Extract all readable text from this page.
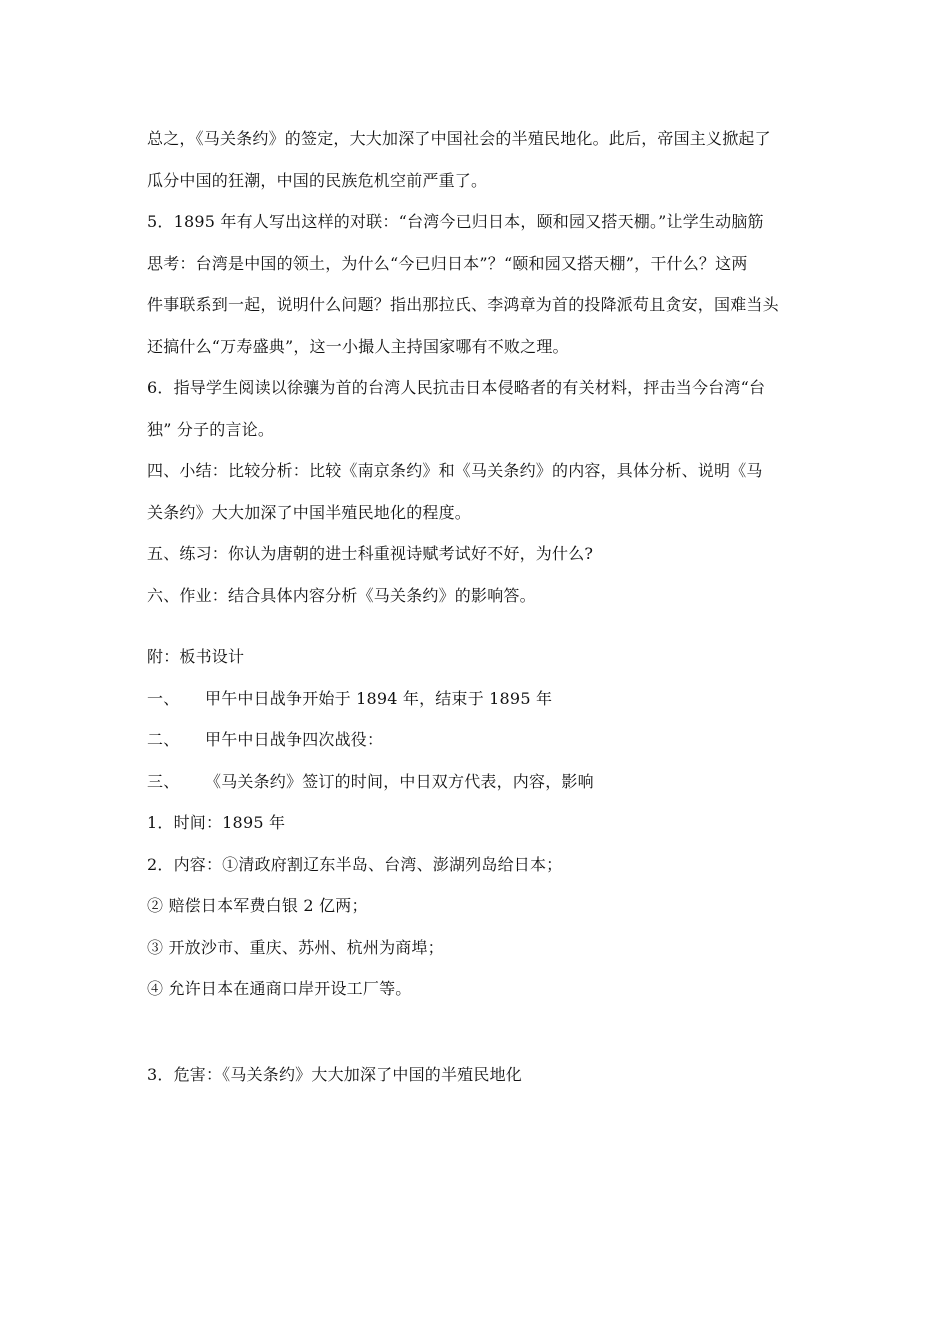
总之，《马关条约》的签定，大大加深了中国社会的半殖民地化。此后，帝国主义掀起了
瓜分中国的狂潮，中国的民族危机空前严重了。
5．1895 年有人写出这样的对联：“台湾今已归日本，颐和园又搭天棚。”让学生动脑筋
思考：台湾是中国的领土，为什么“今已归日本”？“颐和园又搭天棚”，干什么？这两
件事联系到一起，说明什么问题？指出那拉氏、李鸿章为首的投降派苟且贪安，国难当头
还搞什么“万寿盛典”，这一小撮人主持国家哪有不败之理。
6．指导学生阅读以徐骧为首的台湾人民抗击日本侵略者的有关材料，抨击当今台湾“台
独” 分子的言论。
四、小结：比较分析：比较《南京条约》和《马关条约》的内容，具体分析、说明《马
关条约》大大加深了中国半殖民地化的程度。
五、练习：你认为唐朝的进士科重视诗赋考试好不好，为什么?
六、作业：结合具体内容分析《马关条约》的影响答。
附：板书设计
一、 甲午中日战争开始于 1894 年，结束于 1895 年
二、 甲午中日战争四次战役：
三、 《马关条约》签订的时间，中日双方代表，内容，影响
1．时间：1895 年
2．内容：①清政府割辽东半岛、台湾、澎湖列岛给日本；
② 赔偿日本军费白银 2 亿两；
③ 开放沙市、重庆、苏州、杭州为商埠；
④ 允许日本在通商口岸开设工厂等。
3．危害：《马关条约》大大加深了中国的半殖民地化
